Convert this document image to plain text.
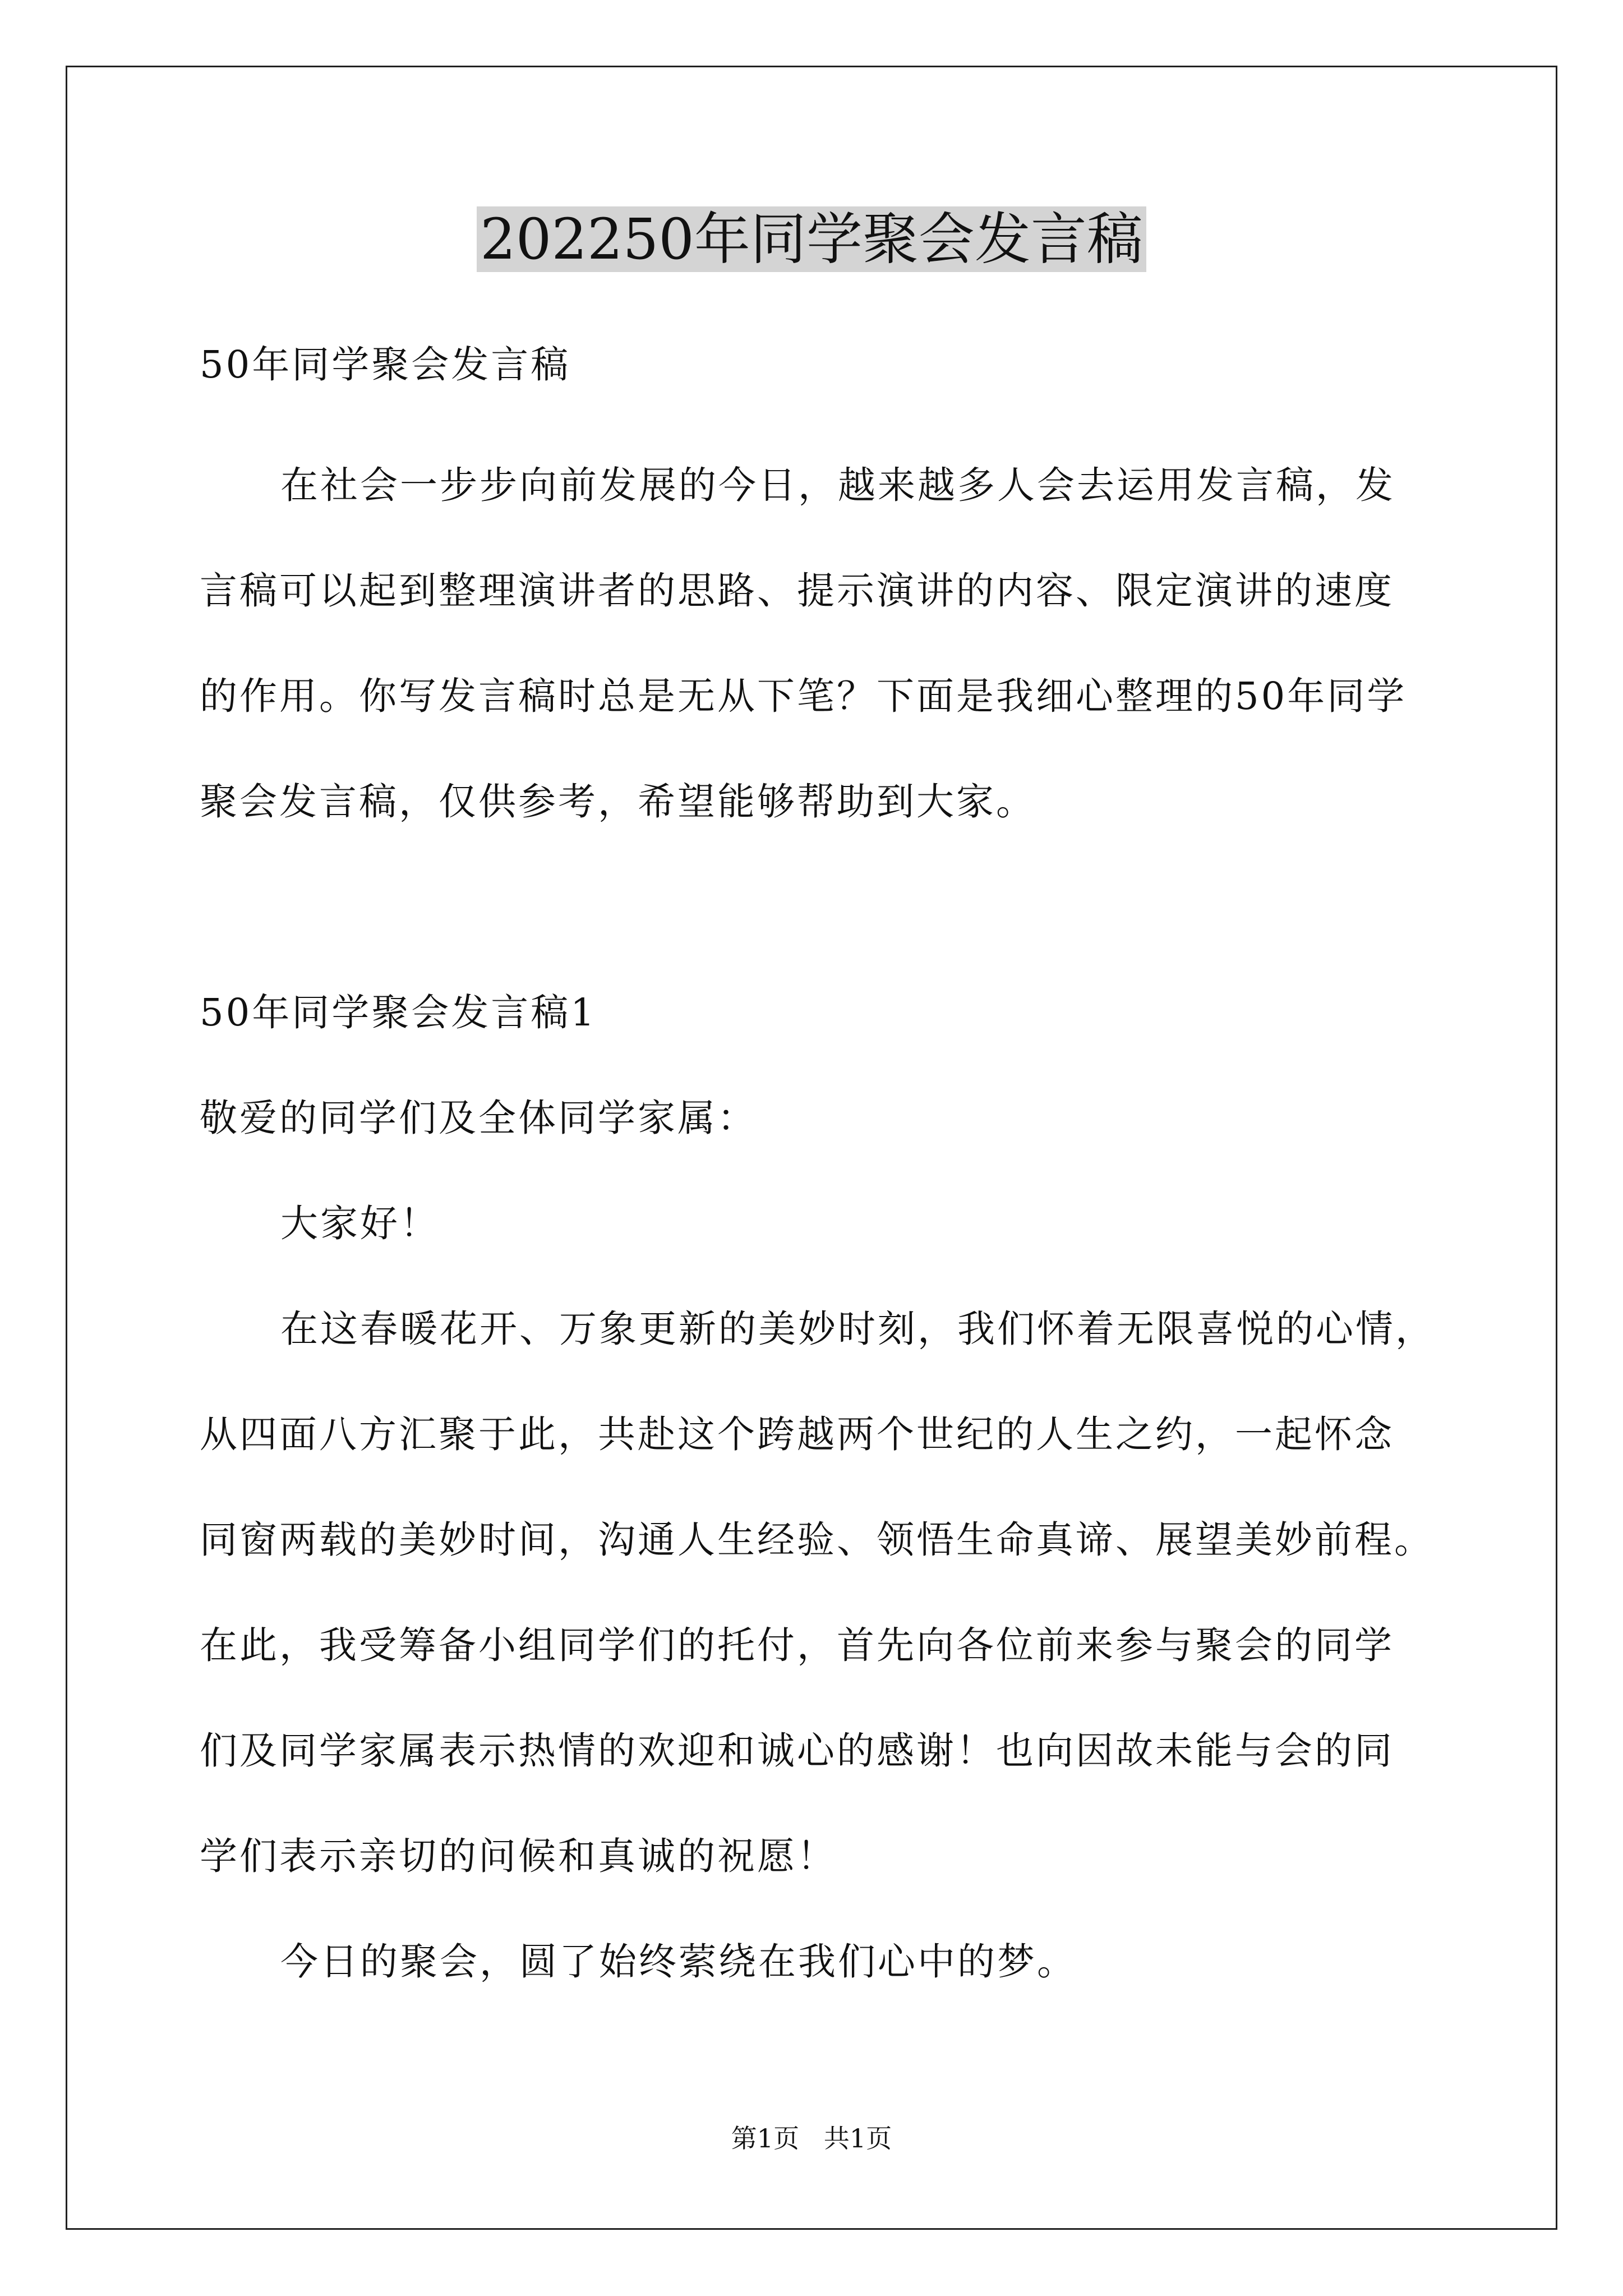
202250年同学聚会发言稿
50年同学聚会发言稿
在社会一步步向前发展的今日，越来越多人会去运用发言稿，发
言稿可以起到整理演讲者的思路、提示演讲的内容、限定演讲的速度
的作用。你写发言稿时总是无从下笔？下面是我细心整理的50年同学
聚会发言稿，仅供参考，希望能够帮助到大家。
50年同学聚会发言稿1
敬爱的同学们及全体同学家属：
大家好！
在这春暖花开、万象更新的美妙时刻，我们怀着无限喜悦的心情，
从四面八方汇聚于此，共赴这个跨越两个世纪的人生之约，一起怀念
同窗两载的美妙时间，沟通人生经验、领悟生命真谛、展望美妙前程。
在此，我受筹备小组同学们的托付，首先向各位前来参与聚会的同学
们及同学家属表示热情的欢迎和诚心的感谢！也向因故未能与会的同
学们表示亲切的问候和真诚的祝愿！
今日的聚会，圆了始终萦绕在我们心中的梦。
第1页   共1页
